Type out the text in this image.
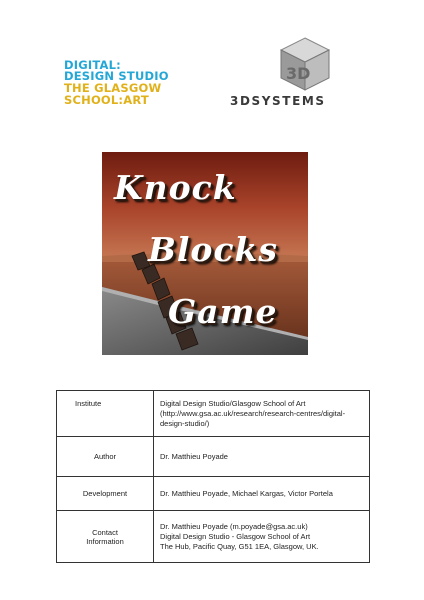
DIGITAL:
DESIGN STUDIO
THE GLASGOW
SCHOOL:ART
3D
3DSYSTEMS
Knock
Blocks
Game
Institute	Digital Design Studio/Glasgow School of Art
(http://www.gsa.ac.uk/research/research-centres/digital-
design-studio/)

Author	Dr. Matthieu Poyade

Development	Dr. Matthieu Poyade, Michael Kargas, Victor Portela

Contact
Information	Dr. Matthieu Poyade (m.poyade@gsa.ac.uk)
Digital Design Studio - Glasgow School of Art
The Hub, Pacific Quay, G51 1EA, Glasgow, UK.
